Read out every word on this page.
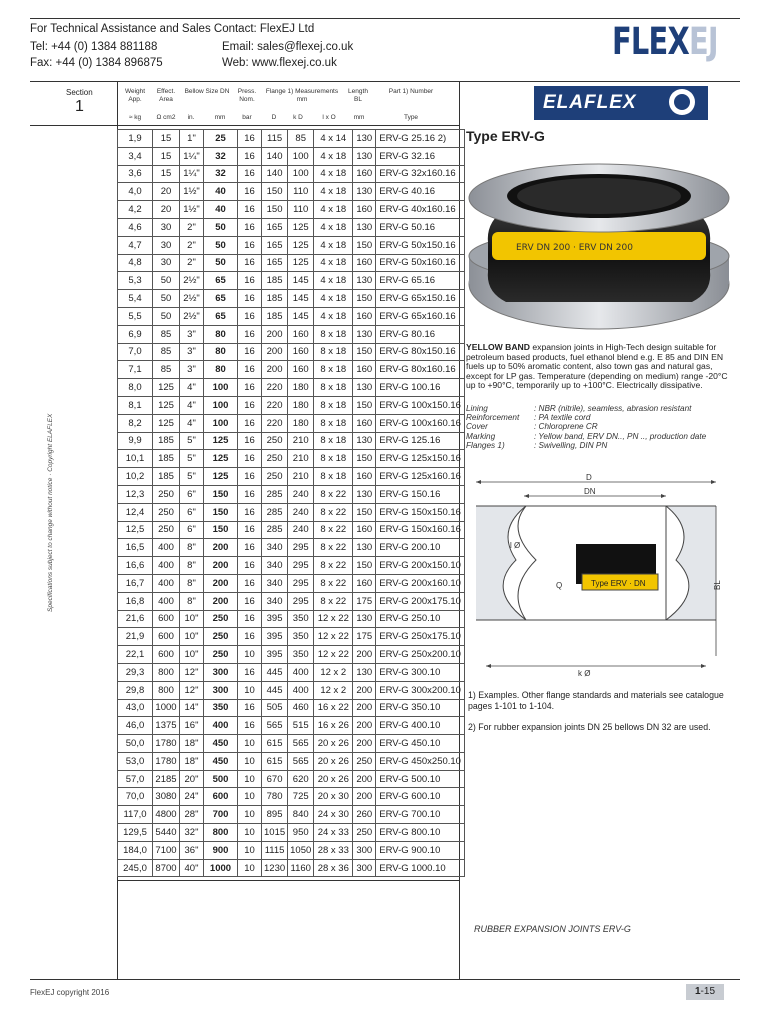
For Technical Assistance and Sales Contact: FlexEJ Ltd
Tel: +44 (0) 1384 881188	Email: sales@flexej.co.uk
Fax: +44 (0) 1384 896875	Web: www.flexej.co.uk	FLEXEJ
Section
1
Weight App.
Effect. Area
Bellow Size DN	Press. Nom.
Flange 1) Measurements mm
Length BL
Part 1) Number
≈ kg	Ω cm2	in.	mm	bar	D	k D	l x O	mm	Type
1,9	15	1"	25	16	115	85	4 x 14	130	ERV-G 25.16 2)
3,4	15	1¼"	32	16	140	100	4 x 18	130	ERV-G 32.16
3,6	15	1¼"	32	16	140	100	4 x 18	160	ERV-G 32x160.16
4,0	20	1½"	40	16	150	110	4 x 18	130	ERV-G 40.16
4,2	20	1½"	40	16	150	110	4 x 18	160	ERV-G 40x160.16
4,6	30	2"	50	16	165	125	4 x 18	130	ERV-G 50.16
4,7	30	2"	50	16	165	125	4 x 18	150	ERV-G 50x150.16
4,8	30	2"	50	16	165	125	4 x 18	160	ERV-G 50x160.16
5,3	50	2½"	65	16	185	145	4 x 18	130	ERV-G 65.16
5,4	50	2½"	65	16	185	145	4 x 18	150	ERV-G 65x150.16
5,5	50	2½"	65	16	185	145	4 x 18	160	ERV-G 65x160.16
6,9	85	3"	80	16	200	160	8 x 18	130	ERV-G 80.16
7,0	85	3"	80	16	200	160	8 x 18	150	ERV-G 80x150.16
7,1	85	3"	80	16	200	160	8 x 18	160	ERV-G 80x160.16
8,0	125	4"	100	16	220	180	8 x 18	130	ERV-G 100.16
8,1	125	4"	100	16	220	180	8 x 18	150	ERV-G 100x150.16
8,2	125	4"	100	16	220	180	8 x 18	160	ERV-G 100x160.16
9,9	185	5"	125	16	250	210	8 x 18	130	ERV-G 125.16
10,1	185	5"	125	16	250	210	8 x 18	150	ERV-G 125x150.16
10,2	185	5"	125	16	250	210	8 x 18	160	ERV-G 125x160.16
12,3	250	6"	150	16	285	240	8 x 22	130	ERV-G 150.16
12,4	250	6"	150	16	285	240	8 x 22	150	ERV-G 150x150.16
12,5	250	6"	150	16	285	240	8 x 22	160	ERV-G 150x160.16
16,5	400	8"	200	16	340	295	8 x 22	130	ERV-G 200.10
16,6	400	8"	200	16	340	295	8 x 22	150	ERV-G 200x150.10
16,7	400	8"	200	16	340	295	8 x 22	160	ERV-G 200x160.10
16,8	400	8"	200	16	340	295	8 x 22	175	ERV-G 200x175.10
21,6	600	10"	250	16	395	350	12 x 22	130	ERV-G 250.10
21,9	600	10"	250	16	395	350	12 x 22	175	ERV-G 250x175.10
22,1	600	10"	250	10	395	350	12 x 22	200	ERV-G 250x200.10
29,3	800	12"	300	16	445	400	12 x 2	130	ERV-G 300.10
29,8	800	12"	300	10	445	400	12 x 2	200	ERV-G 300x200.10
43,0	1000	14"	350	16	505	460	16 x 22	200	ERV-G 350.10
46,0	1375	16"	400	16	565	515	16 x 26	200	ERV-G 400.10
50,0	1780	18"	450	10	615	565	20 x 26	200	ERV-G 450.10
53,0	1780	18"	450	10	615	565	20 x 26	250	ERV-G 450x250.10
57,0	2185	20"	500	10	670	620	20 x 26	200	ERV-G 500.10
70,0	3080	24"	600	10	780	725	20 x 30	200	ERV-G 600.10
117,0	4800	28"	700	10	895	840	24 x 30	260	ERV-G 700.10
129,5	5440	32"	800	10	1015	950	24 x 33	250	ERV-G 800.10
184,0	7100	36"	900	10	1115	1050	28 x 33	300	ERV-G 900.10
245,0	8700	40"	1000	10	1230	1160	28 x 36	300	ERV-G 1000.10
ELAFLEX
Type ERV-G
ERV DN 200 · ERV DN 200
YELLOW BAND expansion joints in High-Tech design suitable for petroleum based products, fuel ethanol blend e.g. E 85 and DIN EN fuels up to 50% aromatic content, also town gas and natural gas, except for LP gas. Temperature (depending on medium) range -20°C up to +90°C, temporarily up to +100°C. Electrically dissipative.
Lining	: NBR (nitrile), seamless, abrasion resistant
Reinforcement	: PA textile cord
Cover	: Chloroprene CR
Marking	: Yellow band, ERV DN.., PN .., production date
Flanges 1)	: Swivelling, DIN PN
D
DN
Type ERV · DN
l Ø
Q	BL
k Ø
1) Examples. Other flange standards and materials see catalogue pages 1-101 to 1-104.
2) For rubber expansion joints DN 25 bellows DN 32 are used.
RUBBER EXPANSION JOINTS ERV-G
Specifications subject to change without notice · Copyright ELAFLEX
FlexEJ copyright 2016	1-15
